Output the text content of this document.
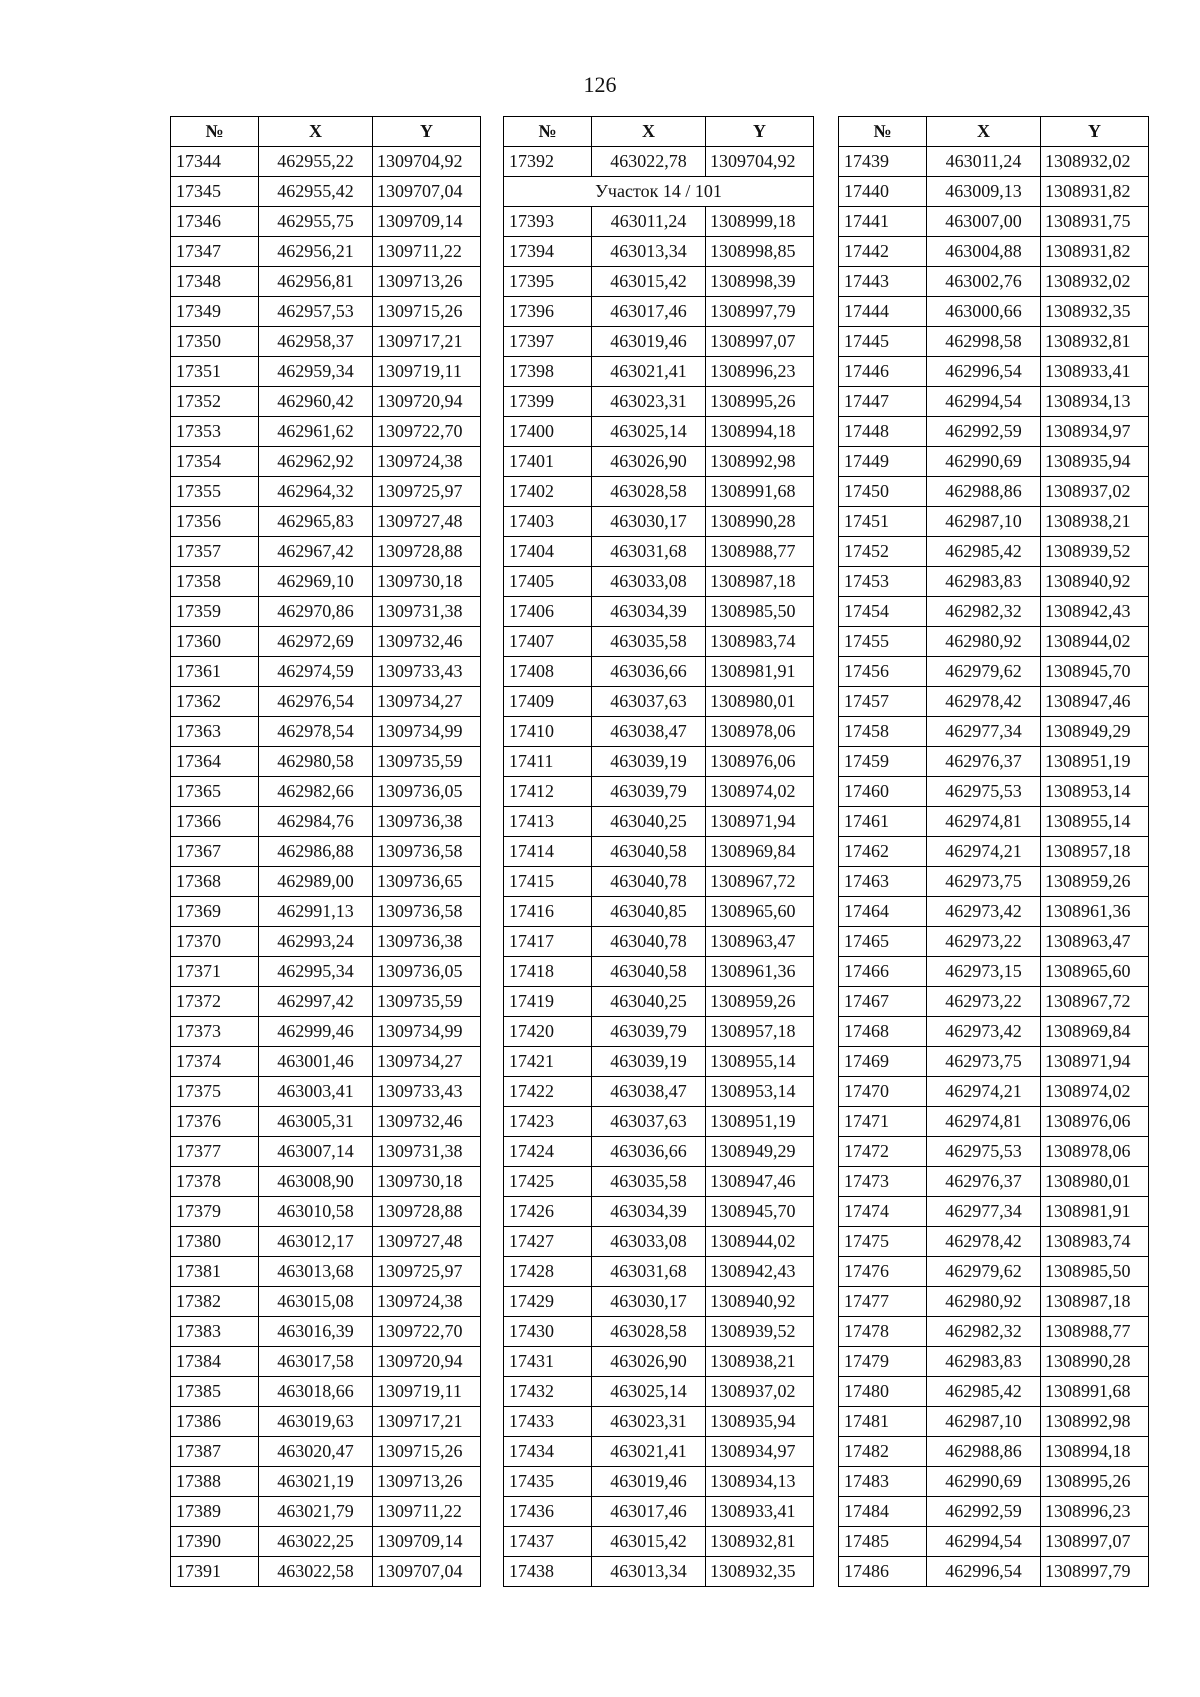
126
№	X	Y
17344	462955,22	1309704,92
17345	462955,42	1309707,04
17346	462955,75	1309709,14
17347	462956,21	1309711,22
17348	462956,81	1309713,26
17349	462957,53	1309715,26
17350	462958,37	1309717,21
17351	462959,34	1309719,11
17352	462960,42	1309720,94
17353	462961,62	1309722,70
17354	462962,92	1309724,38
17355	462964,32	1309725,97
17356	462965,83	1309727,48
17357	462967,42	1309728,88
17358	462969,10	1309730,18
17359	462970,86	1309731,38
17360	462972,69	1309732,46
17361	462974,59	1309733,43
17362	462976,54	1309734,27
17363	462978,54	1309734,99
17364	462980,58	1309735,59
17365	462982,66	1309736,05
17366	462984,76	1309736,38
17367	462986,88	1309736,58
17368	462989,00	1309736,65
17369	462991,13	1309736,58
17370	462993,24	1309736,38
17371	462995,34	1309736,05
17372	462997,42	1309735,59
17373	462999,46	1309734,99
17374	463001,46	1309734,27
17375	463003,41	1309733,43
17376	463005,31	1309732,46
17377	463007,14	1309731,38
17378	463008,90	1309730,18
17379	463010,58	1309728,88
17380	463012,17	1309727,48
17381	463013,68	1309725,97
17382	463015,08	1309724,38
17383	463016,39	1309722,70
17384	463017,58	1309720,94
17385	463018,66	1309719,11
17386	463019,63	1309717,21
17387	463020,47	1309715,26
17388	463021,19	1309713,26
17389	463021,79	1309711,22
17390	463022,25	1309709,14
17391	463022,58	1309707,04
№	X	Y
17392	463022,78	1309704,92
Участок 14 / 101		
17393	463011,24	1308999,18
17394	463013,34	1308998,85
17395	463015,42	1308998,39
17396	463017,46	1308997,79
17397	463019,46	1308997,07
17398	463021,41	1308996,23
17399	463023,31	1308995,26
17400	463025,14	1308994,18
17401	463026,90	1308992,98
17402	463028,58	1308991,68
17403	463030,17	1308990,28
17404	463031,68	1308988,77
17405	463033,08	1308987,18
17406	463034,39	1308985,50
17407	463035,58	1308983,74
17408	463036,66	1308981,91
17409	463037,63	1308980,01
17410	463038,47	1308978,06
17411	463039,19	1308976,06
17412	463039,79	1308974,02
17413	463040,25	1308971,94
17414	463040,58	1308969,84
17415	463040,78	1308967,72
17416	463040,85	1308965,60
17417	463040,78	1308963,47
17418	463040,58	1308961,36
17419	463040,25	1308959,26
17420	463039,79	1308957,18
17421	463039,19	1308955,14
17422	463038,47	1308953,14
17423	463037,63	1308951,19
17424	463036,66	1308949,29
17425	463035,58	1308947,46
17426	463034,39	1308945,70
17427	463033,08	1308944,02
17428	463031,68	1308942,43
17429	463030,17	1308940,92
17430	463028,58	1308939,52
17431	463026,90	1308938,21
17432	463025,14	1308937,02
17433	463023,31	1308935,94
17434	463021,41	1308934,97
17435	463019,46	1308934,13
17436	463017,46	1308933,41
17437	463015,42	1308932,81
17438	463013,34	1308932,35
№	X	Y
17439	463011,24	1308932,02
17440	463009,13	1308931,82
17441	463007,00	1308931,75
17442	463004,88	1308931,82
17443	463002,76	1308932,02
17444	463000,66	1308932,35
17445	462998,58	1308932,81
17446	462996,54	1308933,41
17447	462994,54	1308934,13
17448	462992,59	1308934,97
17449	462990,69	1308935,94
17450	462988,86	1308937,02
17451	462987,10	1308938,21
17452	462985,42	1308939,52
17453	462983,83	1308940,92
17454	462982,32	1308942,43
17455	462980,92	1308944,02
17456	462979,62	1308945,70
17457	462978,42	1308947,46
17458	462977,34	1308949,29
17459	462976,37	1308951,19
17460	462975,53	1308953,14
17461	462974,81	1308955,14
17462	462974,21	1308957,18
17463	462973,75	1308959,26
17464	462973,42	1308961,36
17465	462973,22	1308963,47
17466	462973,15	1308965,60
17467	462973,22	1308967,72
17468	462973,42	1308969,84
17469	462973,75	1308971,94
17470	462974,21	1308974,02
17471	462974,81	1308976,06
17472	462975,53	1308978,06
17473	462976,37	1308980,01
17474	462977,34	1308981,91
17475	462978,42	1308983,74
17476	462979,62	1308985,50
17477	462980,92	1308987,18
17478	462982,32	1308988,77
17479	462983,83	1308990,28
17480	462985,42	1308991,68
17481	462987,10	1308992,98
17482	462988,86	1308994,18
17483	462990,69	1308995,26
17484	462992,59	1308996,23
17485	462994,54	1308997,07
17486	462996,54	1308997,79
